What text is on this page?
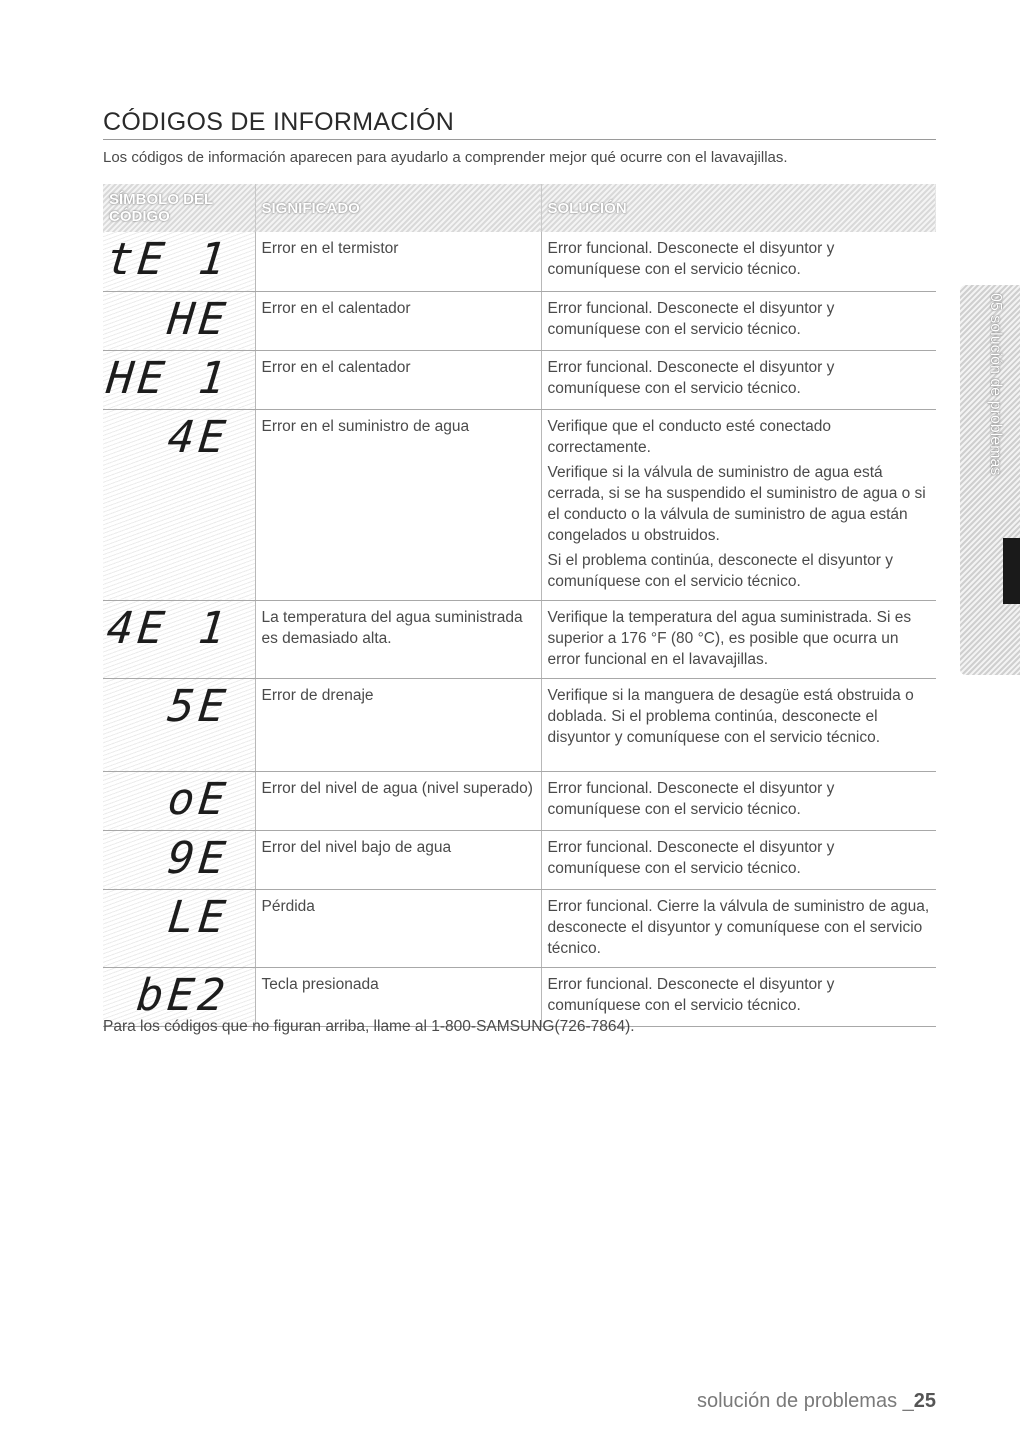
CÓDIGOS DE INFORMACIÓN
Los códigos de información aparecen para ayudarlo a comprender mejor qué ocurre con el lavavajillas.
SÍMBOLO DEL CÓDIGO	SIGNIFICADO	SOLUCIÓN

tE 1	Error en el termistor	Error funcional. Desconecte el disyuntor y comuníquese con el servicio técnico.

HE	Error en el calentador	Error funcional. Desconecte el disyuntor y comuníquese con el servicio técnico.

HE 1	Error en el calentador	Error funcional. Desconecte el disyuntor y comuníquese con el servicio técnico.

4E	Error en el suministro de agua	Verifique que el conducto esté conectado correctamente.

Verifique si la válvula de suministro de agua está cerrada, si se ha suspendido el suministro de agua o si el conducto o la válvula de suministro de agua están congelados u obstruidos.

Si el problema continúa, desconecte el disyuntor y comuníquese con el servicio técnico.

4E 1	La temperatura del agua suministrada es demasiado alta.	Verifique la temperatura del agua suministrada. Si es superior a 176 °F (80 °C), es posible que ocurra un error funcional en el lavavajillas.

5E	Error de drenaje	Verifique si la manguera de desagüe está obstruida o doblada. Si el problema continúa, desconecte el disyuntor y comuníquese con el servicio técnico.

oE	Error del nivel de agua (nivel superado)	Error funcional. Desconecte el disyuntor y comuníquese con el servicio técnico.

9E	Error del nivel bajo de agua	Error funcional. Desconecte el disyuntor y comuníquese con el servicio técnico.

LE	Pérdida	Error funcional. Cierre la válvula de suministro de agua, desconecte el disyuntor y comuníquese con el servicio técnico.

bE2	Tecla presionada	Error funcional. Desconecte el disyuntor y comuníquese con el servicio técnico.

Para los códigos que no figuran arriba, llame al 1-800-SAMSUNG(726-7864).
05 solución de problemas
solución de problemas _25
